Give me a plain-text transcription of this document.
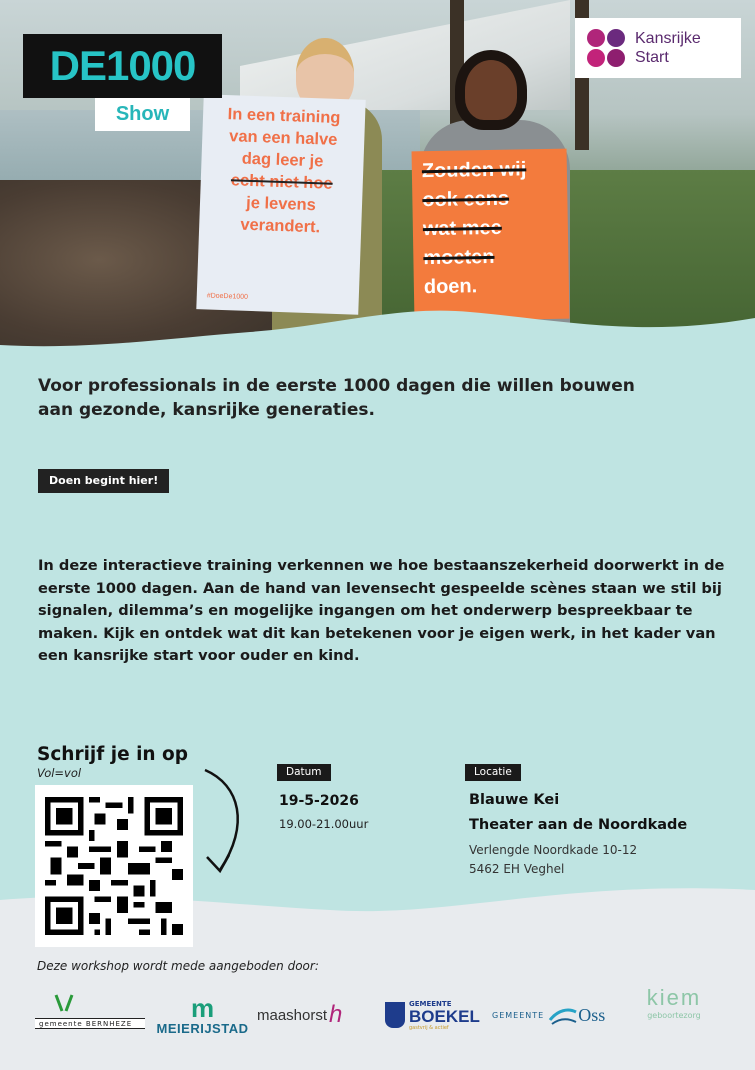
In een training
van een halve
dag leer je
echt niet hoe
je levens
verandert.
#DoeDe1000
Zouden wij
ook eens
wat mee
moeten
doen.
DE1000
Show
Kansrijke
Start
Voor professionals in de eerste 1000 dagen die willen bouwen aan gezonde, kansrijke generaties.
Doen begint hier!
In deze interactieve training verkennen we hoe bestaanszekerheid doorwerkt in de eerste 1000 dagen. Aan de hand van levensecht gespeelde scènes staan we stil bij signalen, dilemma’s en mogelijke ingangen om het onderwerp bespreekbaar te maken. Kijk en ontdek wat dit kan betekenen voor je eigen werk, in het kader van een kansrijke start voor ouder en kind.
Schrijf je in op
Vol=vol	Datum
19-5-2026
19.00-21.00uur
Locatie
Blauwe Kei
Theater aan de Noordkade
Verlengde Noordkade 10-12
5462 EH Veghel
Deze workshop wordt mede aangeboden door:
gemeente BERNHEZE
m
MEIERIJSTAD
maashorst h	GEMEENTE
BOEKEL
gastvrij & actief
GEMEENTE Oss
kiem
geboortezorg
